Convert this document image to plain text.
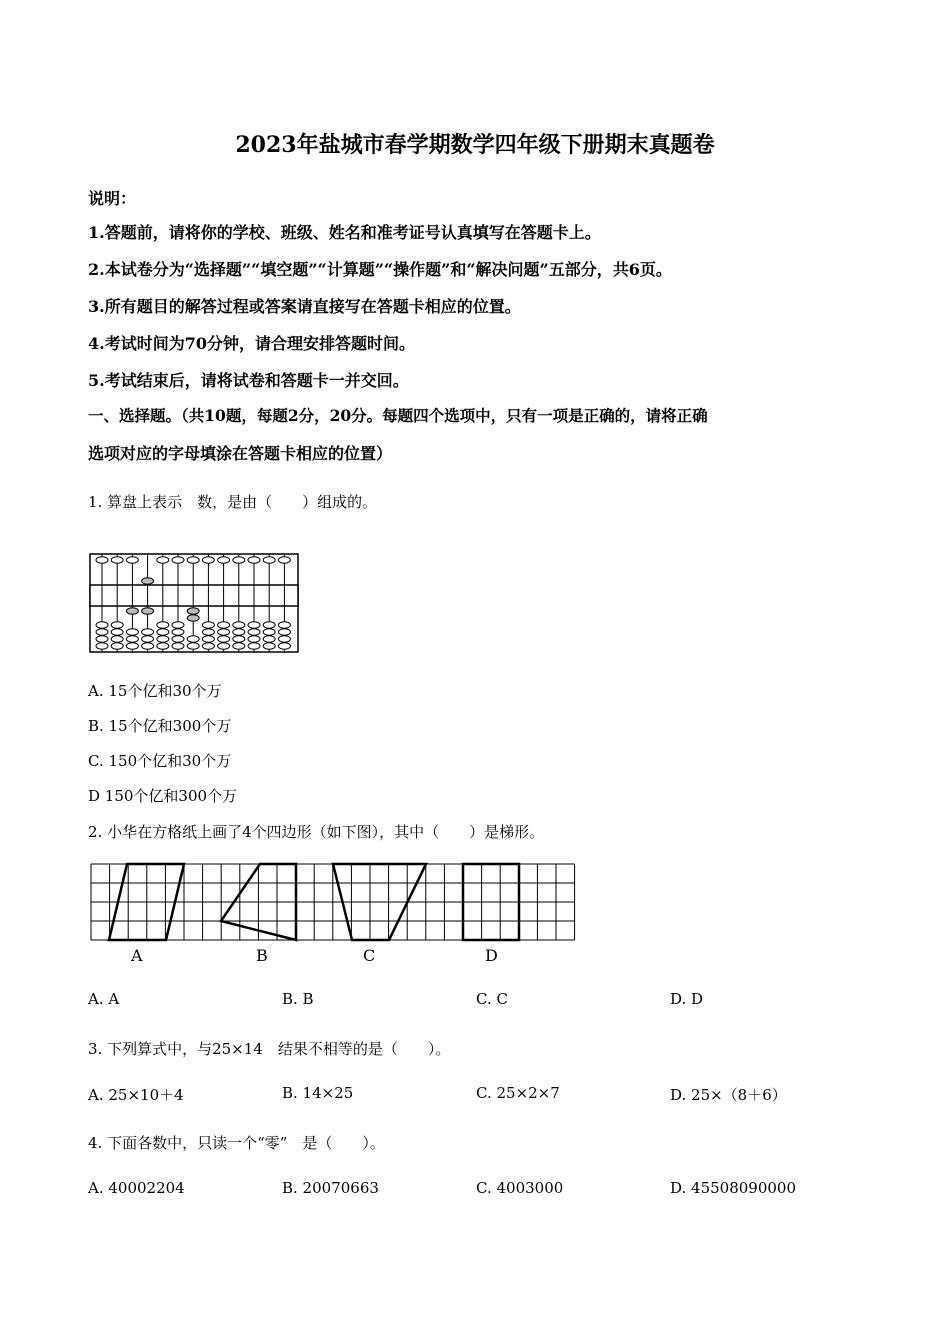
2023年盐城市春学期数学四年级下册期末真题卷
说明：
1.答题前，请将你的学校、班级、姓名和准考证号认真填写在答题卡上。
2.本试卷分为“选择题”“填空题”“计算题”“操作题”和“解决问题”五部分，共6页。
3.所有题目的解答过程或答案请直接写在答题卡相应的位置。
4.考试时间为70分钟，请合理安排答题时间。
5.考试结束后，请将试卷和答题卡一并交回。
一、选择题。（共10题，每题2分，20分。每题四个选项中，只有一项是正确的，请将正确
选项对应的字母填涂在答题卡相应的位置）
1. 算盘上表示　数，是由（　　）组成的。
A. 15个亿和30个万
B. 15个亿和300个万
C. 150个亿和30个万
D 150个亿和300个万
2. 小华在方格纸上画了4个四边形（如下图），其中（　　）是梯形。
A	B	C	D
A. A	B. B	C. C	D. D
3. 下列算式中，与25×14　结果不相等的是（　　）。
A. 25×10＋4	B. 14×25	C. 25×2×7	D. 25×（8＋6）
4. 下面各数中，只读一个“零”　是（　　）。
A. 40002204	B. 20070663	C. 4003000	D. 45508090000
